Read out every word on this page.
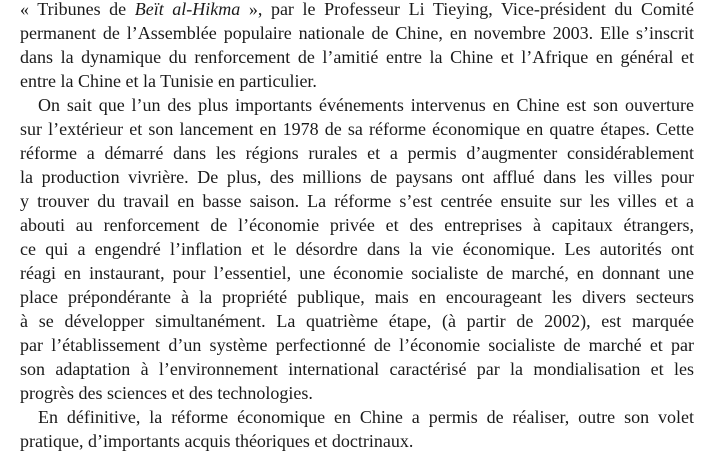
« Tribunes de Beït al-Hikma », par le Professeur Li Tieying, Vice-président du Comité
permanent de l’Assemblée populaire nationale de Chine, en novembre 2003. Elle s’inscrit
dans la dynamique du renforcement de l’amitié entre la Chine et l’Afrique en général et
entre la Chine et la Tunisie en particulier.
On sait que l’un des plus importants événements intervenus en Chine est son ouverture
sur l’extérieur et son lancement en 1978 de sa réforme économique en quatre étapes. Cette
réforme a démarré dans les régions rurales et a permis d’augmenter considérablement
la production vivrière. De plus, des millions de paysans ont afflué dans les villes pour
y trouver du travail en basse saison. La réforme s’est centrée ensuite sur les villes et a
abouti au renforcement de l’économie privée et des entreprises à capitaux étrangers,
ce qui a engendré l’inflation et le désordre dans la vie économique. Les autorités ont
réagi en instaurant, pour l’essentiel, une économie socialiste de marché, en donnant une
place prépondérante à la propriété publique, mais en encourageant les divers secteurs
à se développer simultanément. La quatrième étape, (à partir de 2002), est marquée
par l’établissement d’un système perfectionné de l’économie socialiste de marché et par
son adaptation à l’environnement international caractérisé par la mondialisation et les
progrès des sciences et des technologies.
En définitive, la réforme économique en Chine a permis de réaliser, outre son volet
pratique, d’importants acquis théoriques et doctrinaux.
